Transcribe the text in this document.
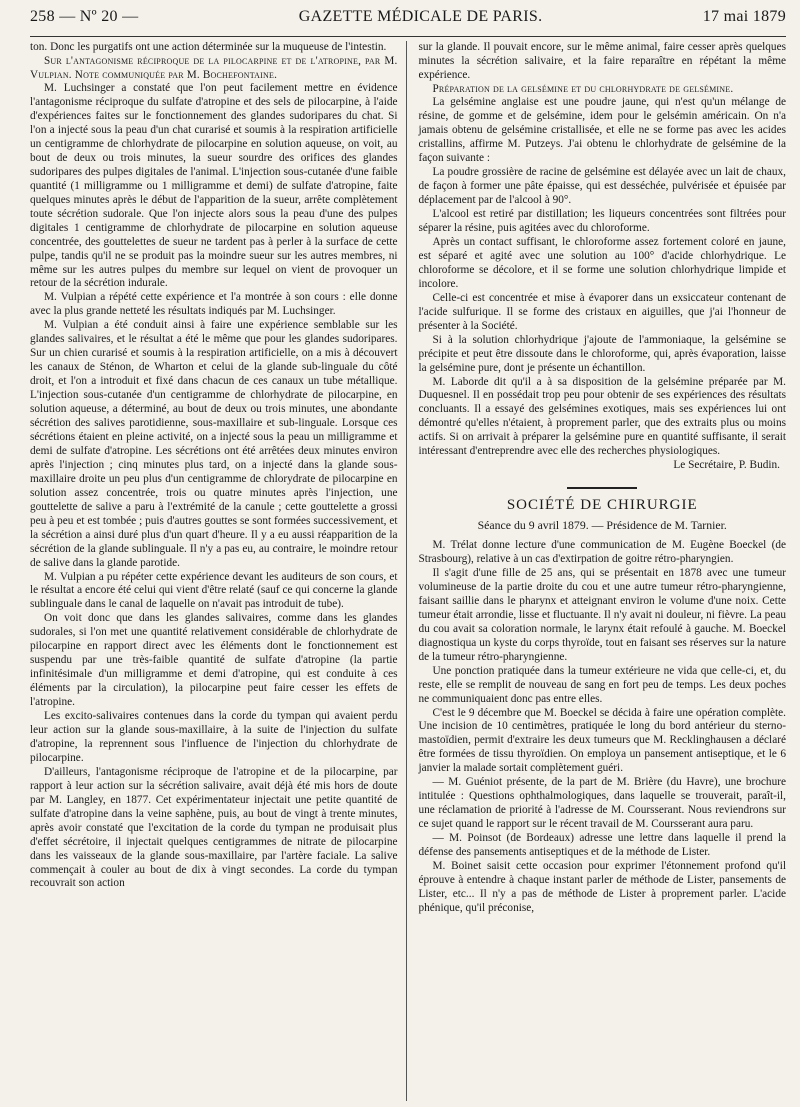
258 — Nº 20 —	GAZETTE MÉDICALE DE PARIS.	17 mai 1879

ton. Donc les purgatifs ont une action déterminée sur la muqueuse de l'intestin.

Sur l'antagonisme réciproque de la pilocarpine et de l'atropine, par M. Vulpian. Note communiquée par M. Bochefontaine.

M. Luchsinger a constaté que l'on peut facilement mettre en évidence l'antagonisme réciproque du sulfate d'atropine et des sels de pilocarpine, à l'aide d'expériences faites sur le fonctionnement des glandes sudoripares du chat. Si l'on a injecté sous la peau d'un chat curarisé et soumis à la respiration artificielle un centigramme de chlorhydrate de pilocarpine en solution aqueuse, on voit, au bout de deux ou trois minutes, la sueur sourdre des orifices des glandes sudoripares des pulpes digitales de l'animal. L'injection sous-cutanée d'une faible quantité (1 milligramme ou 1 milligramme et demi) de sulfate d'atropine, faite quelques minutes après le début de l'apparition de la sueur, arrête complètement toute sécrétion sudorale. Que l'on injecte alors sous la peau d'une des pulpes digitales 1 centigramme de chlorhydrate de pilocarpine en solution aqueuse concentrée, des gouttelettes de sueur ne tardent pas à perler à la surface de cette pulpe, tandis qu'il ne se produit pas la moindre sueur sur les autres membres, ni même sur les autres pulpes du membre sur lequel on vient de provoquer un retour de la sécrétion indurale.

M. Vulpian a répété cette expérience et l'a montrée à son cours : elle donne avec la plus grande netteté les résultats indiqués par M. Luchsinger.

M. Vulpian a été conduit ainsi à faire une expérience semblable sur les glandes salivaires, et le résultat a été le même que pour les glandes sudoripares. Sur un chien curarisé et soumis à la respiration artificielle, on a mis à découvert les canaux de Sténon, de Wharton et celui de la glande sub-linguale du côté droit, et l'on a introduit et fixé dans chacun de ces canaux un tube métallique. L'injection sous-cutanée d'un centigramme de chlorhydrate de pilocarpine, en solution aqueuse, a déterminé, au bout de deux ou trois minutes, une abondante sécrétion des salives parotidienne, sous-maxillaire et sub-linguale. Lorsque ces sécrétions étaient en pleine activité, on a injecté sous la peau un milligramme et demi de sulfate d'atropine. Les sécrétions ont été arrêtées deux minutes environ après l'injection ; cinq minutes plus tard, on a injecté dans la glande sous-maxillaire droite un peu plus d'un centigramme de chlorydrate de pilocarpine en solution assez concentrée, trois ou quatre minutes après l'injection, une gouttelette de salive a paru à l'extrémité de la canule ; cette gouttelette a grossi peu à peu et est tombée ; puis d'autres gouttes se sont formées successivement, et la sécrétion a ainsi duré plus d'un quart d'heure. Il y a eu aussi réapparition de la sécrétion de la glande sublinguale. Il n'y a pas eu, au contraire, le moindre retour de salive dans la glande parotide.

M. Vulpian a pu répéter cette expérience devant les auditeurs de son cours, et le résultat a encore été celui qui vient d'être relaté (sauf ce qui concerne la glande sublinguale dans le canal de laquelle on n'avait pas introduit de tube).

On voit donc que dans les glandes salivaires, comme dans les glandes sudorales, si l'on met une quantité relativement considérable de chlorhydrate de pilocarpine en rapport direct avec les éléments dont le fonctionnement est suspendu par une très-faible quantité de sulfate d'atropine (la partie infinitésimale d'un milligramme et demi d'atropine, qui est conduite à ces éléments par la circulation), la pilocarpine peut faire cesser les effets de l'atropine.

Les excito-salivaires contenues dans la corde du tympan qui avaient perdu leur action sur la glande sous-maxillaire, à la suite de l'injection du sulfate d'atropine, la reprennent sous l'influence de l'injection du chlorhydrate de pilocarpine.

D'ailleurs, l'antagonisme réciproque de l'atropine et de la pilocarpine, par rapport à leur action sur la sécrétion salivaire, avait déjà été mis hors de doute par M. Langley, en 1877. Cet expérimentateur injectait une petite quantité de sulfate d'atropine dans la veine saphène, puis, au bout de vingt à trente minutes, après avoir constaté que l'excitation de la corde du tympan ne produisait plus d'effet sécrétoire, il injectait quelques centigrammes de nitrate de pilocarpine dans les vaisseaux de la glande sous-maxillaire, par l'artère faciale. La salive commençait à couler au bout de dix à vingt secondes. La corde du tympan recouvrait son action

sur la glande. Il pouvait encore, sur le même animal, faire cesser après quelques minutes la sécrétion salivaire, et la faire reparaître en répétant la même expérience.

Préparation de la gelsémine et du chlorhydrate de gelsémine.

La gelsémine anglaise est une poudre jaune, qui n'est qu'un mélange de résine, de gomme et de gelsémine, idem pour le gelsémin américain. On n'a jamais obtenu de gelsémine cristallisée, et elle ne se forme pas avec les acides cristallins, affirme M. Putzeys. J'ai obtenu le chlorhydrate de gelsémine de la façon suivante :

La poudre grossière de racine de gelsémine est délayée avec un lait de chaux, de façon à former une pâte épaisse, qui est desséchée, pulvérisée et épuisée par déplacement par de l'alcool à 90°.

L'alcool est retiré par distillation; les liqueurs concentrées sont filtrées pour séparer la résine, puis agitées avec du chloroforme.

Après un contact suffisant, le chloroforme assez fortement coloré en jaune, est séparé et agité avec une solution au 100° d'acide chlorhydrique. Le chloroforme se décolore, et il se forme une solution chlorhydrique limpide et incolore.

Celle-ci est concentrée et mise à évaporer dans un exsiccateur contenant de l'acide sulfurique. Il se forme des cristaux en aiguilles, que j'ai l'honneur de présenter à la Société.

Si à la solution chlorhydrique j'ajoute de l'ammoniaque, la gelsémine se précipite et peut être dissoute dans le chloroforme, qui, après évaporation, laisse la gelsémine pure, dont je présente un échantillon.

M. Laborde dit qu'il a à sa disposition de la gelsémine préparée par M. Duquesnel. Il en possédait trop peu pour obtenir de ses expériences des résultats concluants. Il a essayé des gelsémines exotiques, mais ses expériences lui ont démontré qu'elles n'étaient, à proprement parler, que des extraits plus ou moins actifs. Si on arrivait à préparer la gelsémine pure en quantité suffisante, il serait intéressant d'entreprendre avec elle des recherches physiologiques.

Le Secrétaire, P. Budin.

SOCIÉTÉ DE CHIRURGIE
Séance du 9 avril 1879. — Présidence de M. Tarnier.

M. Trélat donne lecture d'une communication de M. Eugène Boeckel (de Strasbourg), relative à un cas d'extirpation de goitre rétro-pharyngien.

Il s'agit d'une fille de 25 ans, qui se présentait en 1878 avec une tumeur volumineuse de la partie droite du cou et une autre tumeur rétro-pharyngienne, faisant saillie dans le pharynx et atteignant environ le volume d'une noix. Cette tumeur était arrondie, lisse et fluctuante. Il n'y avait ni douleur, ni fièvre. La peau du cou avait sa coloration normale, le larynx était refoulé à gauche. M. Boeckel diagnostiqua un kyste du corps thyroïde, tout en faisant ses réserves sur la nature de la tumeur rétro-pharyngienne.

Une ponction pratiquée dans la tumeur extérieure ne vida que celle-ci, et, du reste, elle se remplit de nouveau de sang en fort peu de temps. Les deux poches ne communiquaient donc pas entre elles.

C'est le 9 décembre que M. Boeckel se décida à faire une opération complète. Une incision de 10 centimètres, pratiquée le long du bord antérieur du sterno-mastoïdien, permit d'extraire les deux tumeurs que M. Recklinghausen a déclaré être formées de tissu thyroïdien. On employa un pansement antiseptique, et le 6 janvier la malade sortait complètement guéri.

— M. Guéniot présente, de la part de M. Brière (du Havre), une brochure intitulée : Questions ophthalmologiques, dans laquelle se trouverait, paraît-il, une réclamation de priorité à l'adresse de M. Coursserant. Nous reviendrons sur ce sujet quand le rapport sur le récent travail de M. Coursserant aura paru.

— M. Poinsot (de Bordeaux) adresse une lettre dans laquelle il prend la défense des pansements antiseptiques et de la méthode de Lister.

M. Boinet saisit cette occasion pour exprimer l'étonnement profond qu'il éprouve à entendre à chaque instant parler de méthode de Lister, pansements de Lister, etc... Il n'y a pas de méthode de Lister à proprement parler. L'acide phénique, qu'il préconise,
